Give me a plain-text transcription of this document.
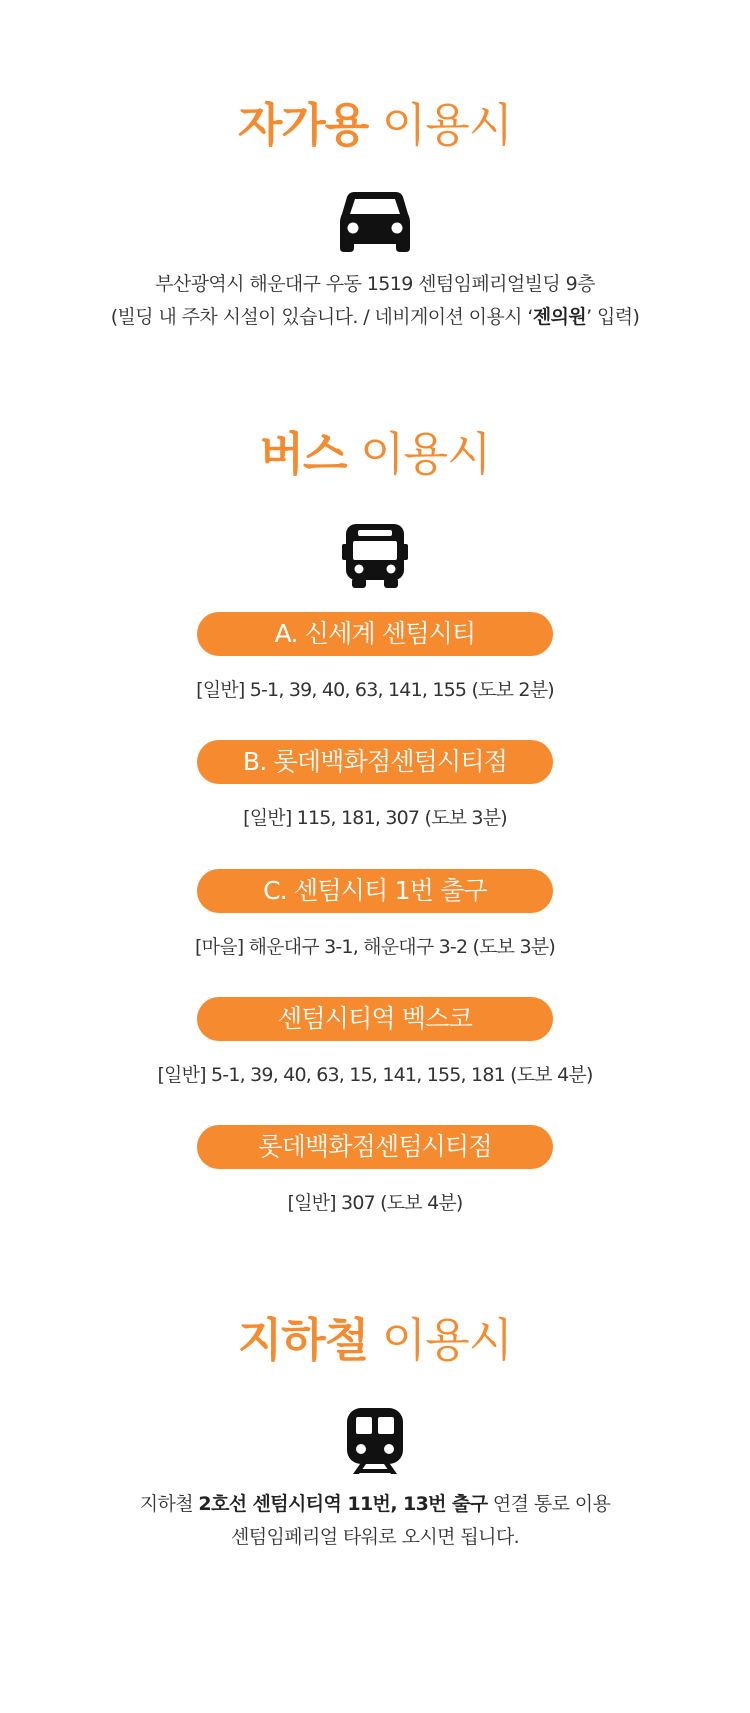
자가용 이용시
부산광역시 해운대구 우동 1519 센텀임페리얼빌딩 9층
(빌딩 내 주차 시설이 있습니다. / 네비게이션 이용시 ‘젠의원’ 입력)
버스 이용시
A. 신세계 센텀시티
[일반] 5-1, 39, 40, 63, 141, 155 (도보 2분)
B. 롯데백화점센텀시티점
[일반] 115, 181, 307 (도보 3분)
C. 센텀시티 1번 출구
[마을] 해운대구 3-1, 해운대구 3-2 (도보 3분)
센텀시티역 벡스코
[일반] 5-1, 39, 40, 63, 15, 141, 155, 181 (도보 4분)
롯데백화점센텀시티점
[일반] 307 (도보 4분)
지하철 이용시
지하철 2호선 센텀시티역 11번, 13번 출구 연결 통로 이용
센텀임페리얼 타워로 오시면 됩니다.
